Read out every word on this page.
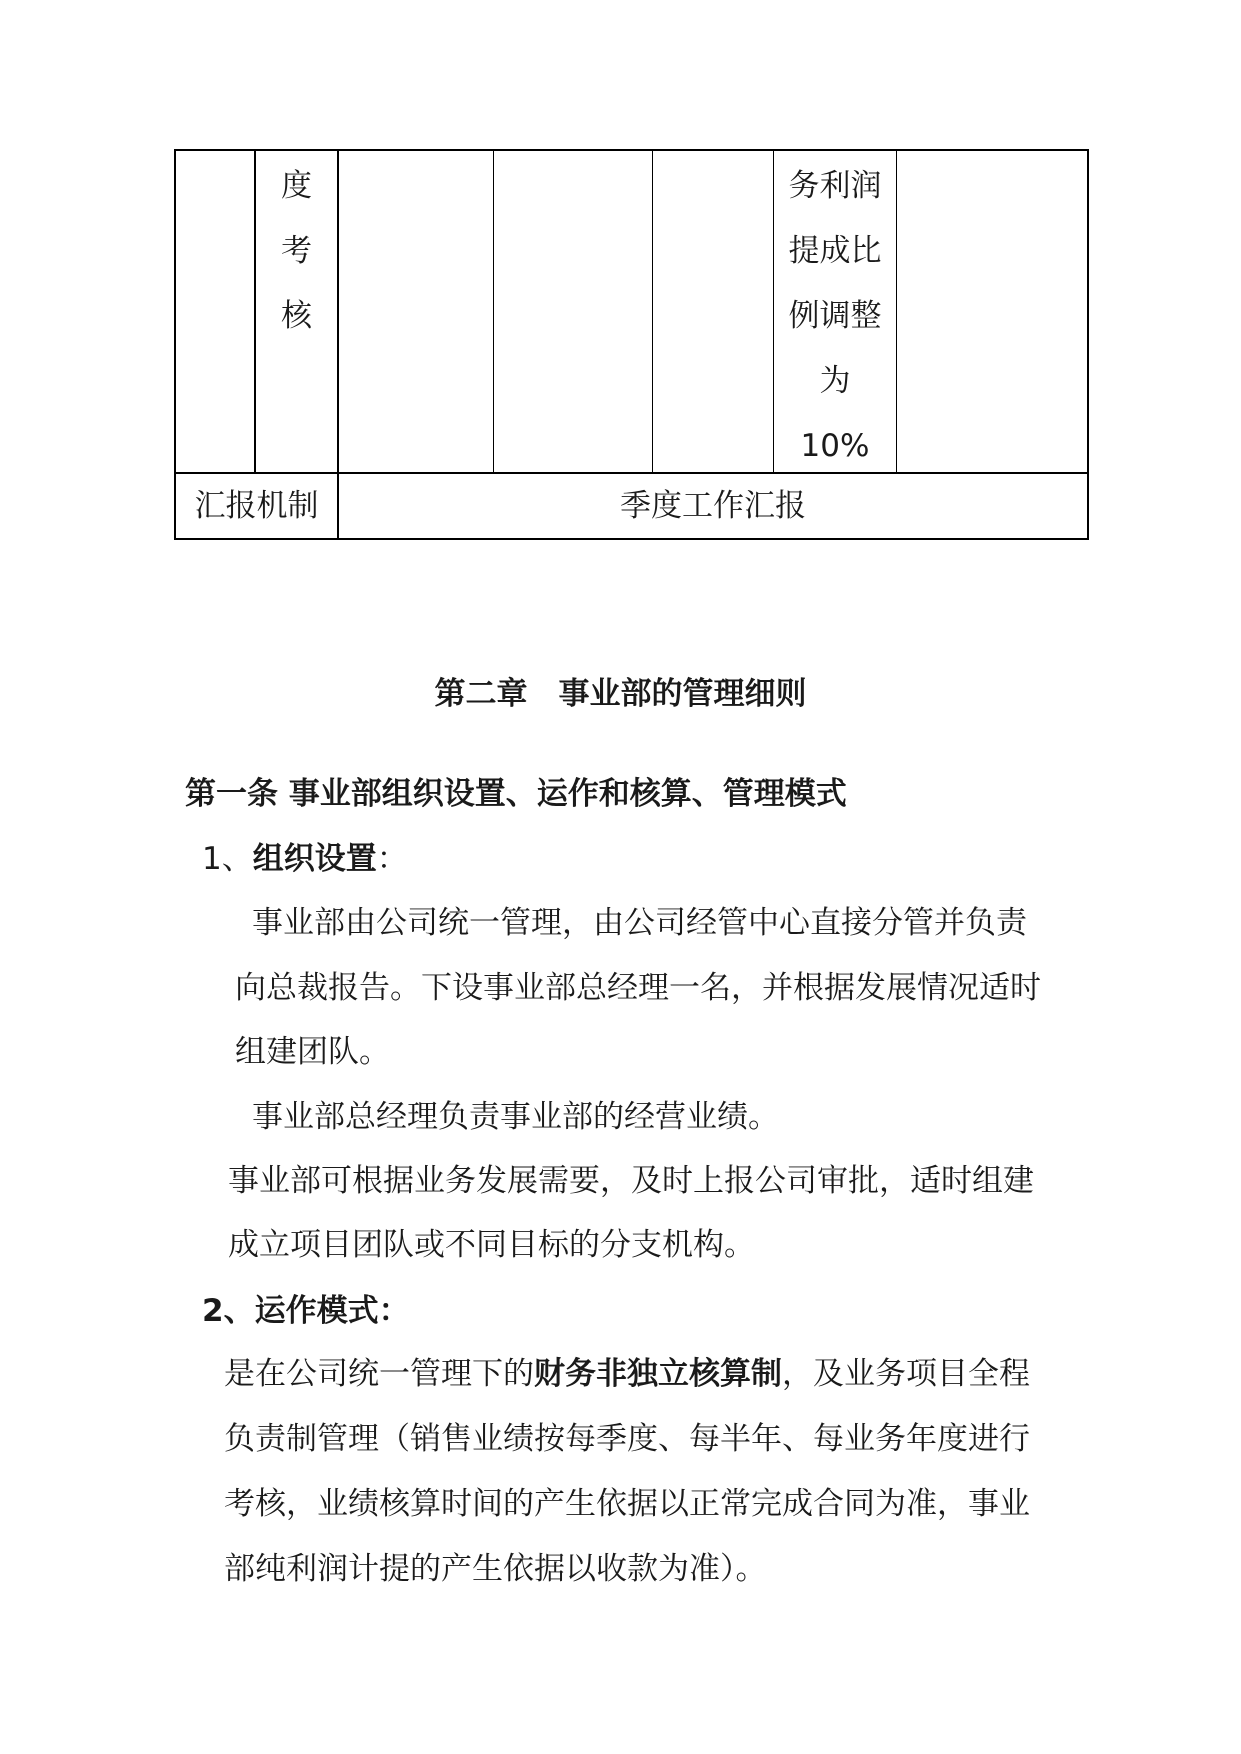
度
考
核
务利润
提成比
例调整
为
10%
汇报机制	季度工作汇报
第二章　事业部的管理细则
第一条 事业部组织设置、运作和核算、管理模式
1、组织设置：
事业部由公司统一管理，由公司经管中心直接分管并负责
向总裁报告。下设事业部总经理一名，并根据发展情况适时
组建团队。
事业部总经理负责事业部的经营业绩。
事业部可根据业务发展需要，及时上报公司审批，适时组建
成立项目团队或不同目标的分支机构。
2、运作模式：
是在公司统一管理下的财务非独立核算制，及业务项目全程
负责制管理（销售业绩按每季度、每半年、每业务年度进行
考核，业绩核算时间的产生依据以正常完成合同为准，事业
部纯利润计提的产生依据以收款为准）。
